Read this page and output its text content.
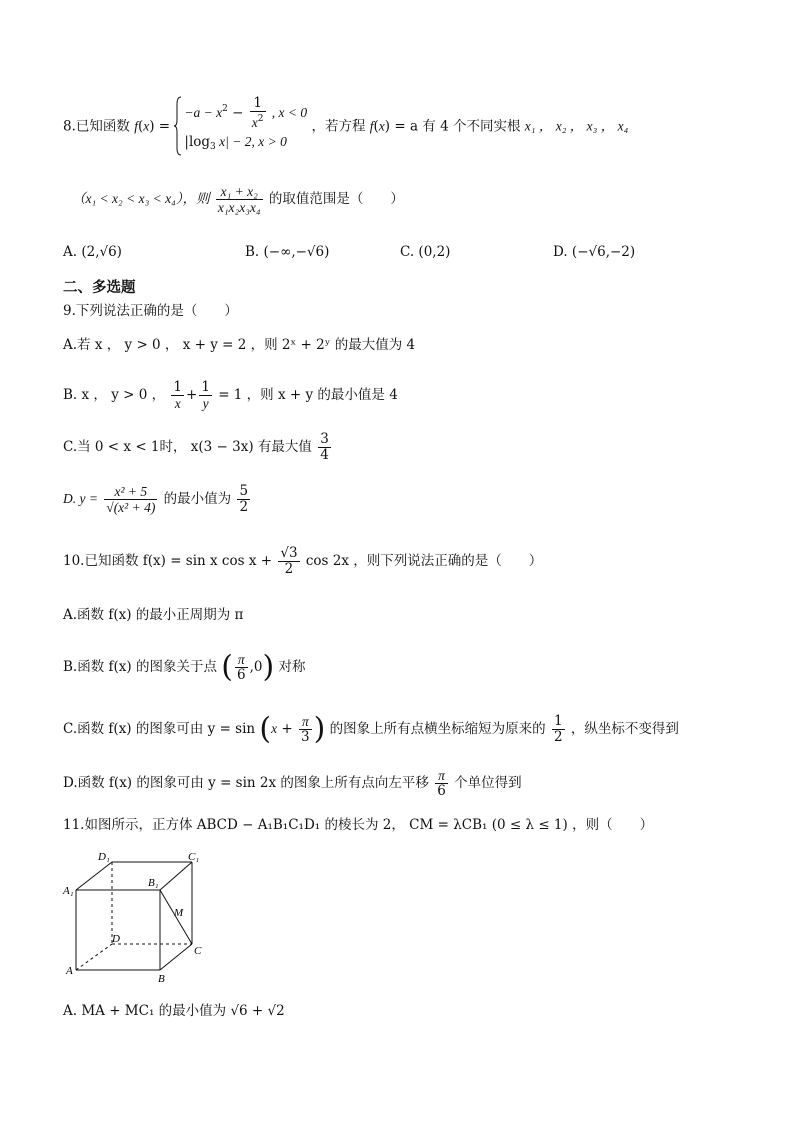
8.已知函数 f(x) =
$-a - x^2 - \frac{1}{x^2}$ , x < 0
$|\log_3$ x| − 2, x > 0
，若方程 f(x) = a 有 4 个不同实根 x₁ ， x₂ ， x₃ ， x₄
（x₁ < x₂ < x₃ < x₄），则 $\frac{\text{x₁ + x₂}}{\text{x₁x₂x₃x₄}}$ 的取值范围是（　　）
A. (2,√6)	B. (−∞,−√6)	C. (0,2)	D. (−√6,−2)
二、多选题
9.下列说法正确的是（　　）
A.若 x ， y > 0 ， x + y = 2 ，则 2ˣ + 2ʸ 的最大值为 4
B. x ， y > 0 ， $\frac{1}{x} + \frac{1}{y} = 1$ ，则 x + y 的最小值是 4
C.当 0 < x < 1时， x(3 − 3x) 有最大值 $\frac{3}{4}$
D. $y = \frac{\text{x² + 5}}{\text{√(x² + 4)}}$ 的最小值为 $\frac{5}{2}$
10.已知函数 f(x) = sin x $\cos x + \frac{√3}{2}$ cos 2x ，则下列说法正确的是（　　）
A.函数 f(x) 的最小正周期为 π
B.函数 f(x) 的图象关于点 ( $\frac{\pi}{6} ,0$) 对称
C.函数 f(x) 的图象可由 $y = \sin (x + \frac{\pi}{3}$ ) 的图象上所有点横坐标缩短为原来的 $\frac{1}{2}$ ，纵坐标不变得到
D.函数 f(x) 的图象可由 y = sin 2x 的图象上所有点向左平移 $\frac{\pi}{6}$ 个单位得到
11.如图所示，正方体 ABCD − A₁B₁C₁D₁ 的棱长为 2， CM = λCB₁ (0 ≤ λ ≤ 1) ，则（　　）
D₁	C₁
A₁
B₁
M
D
C
A
B
A. MA + MC₁ 的最小值为 √6 + √2
